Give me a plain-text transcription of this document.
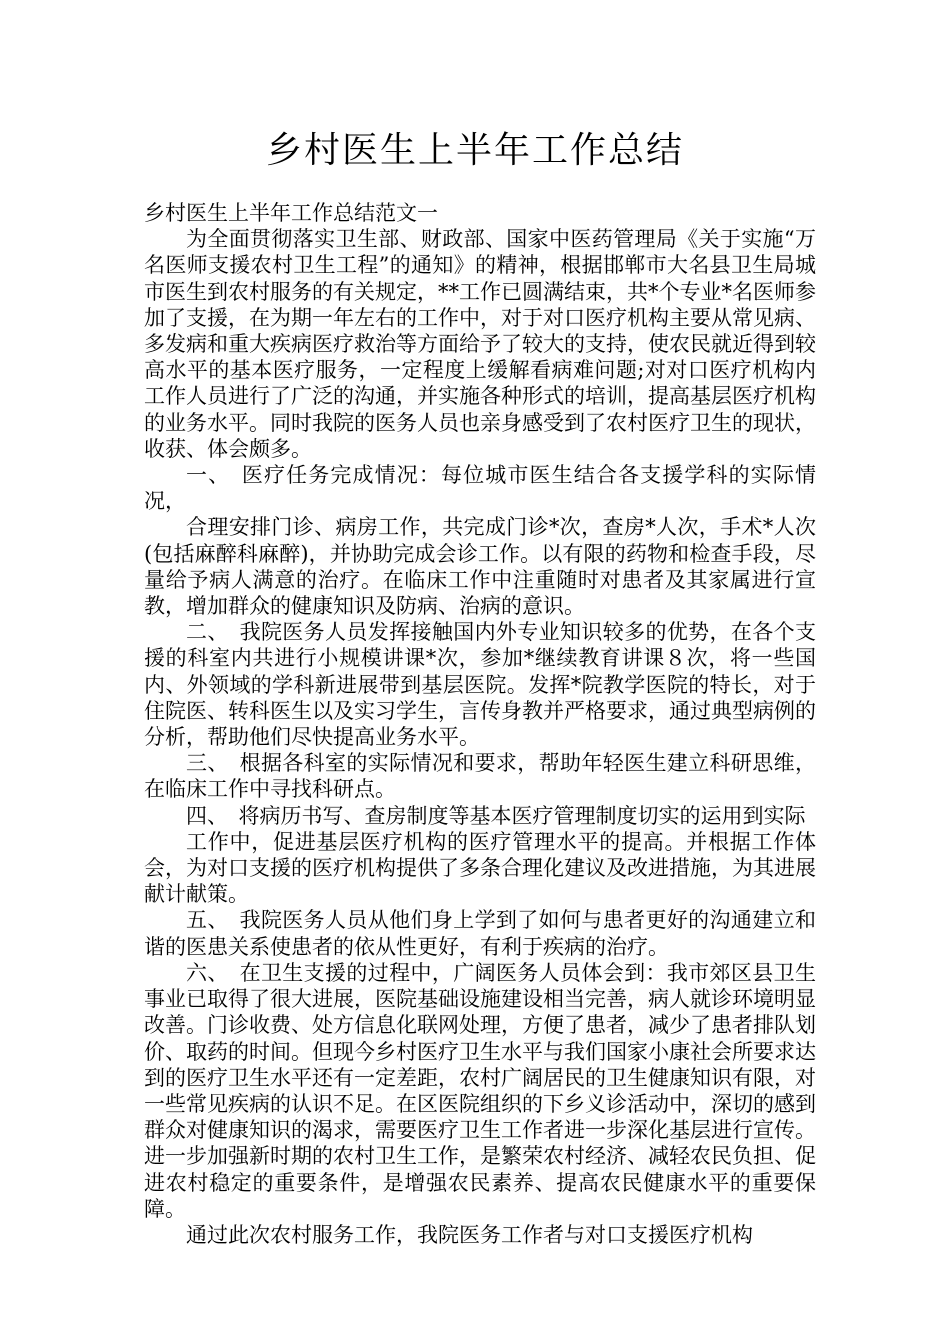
乡村医生上半年工作总结

乡村医生上半年工作总结范文一

为全面贯彻落实卫生部、财政部、国家中医药管理局《关于实施“万名医师支援农村卫生工程”的通知》的精神，根据邯郸市大名县卫生局城市医生到农村服务的有关规定，**工作已圆满结束，共*个专业*名医师参加了支援，在为期一年左右的工作中，对于对口医疗机构主要从常见病、多发病和重大疾病医疗救治等方面给予了较大的支持，使农民就近得到较高水平的基本医疗服务，一定程度上缓解看病难问题;对对口医疗机构内工作人员进行了广泛的沟通，并实施各种形式的培训，提高基层医疗机构的业务水平。同时我院的医务人员也亲身感受到了农村医疗卫生的现状，收获、体会颇多。

一、　医疗任务完成情况：每位城市医生结合各支援学科的实际情况，

合理安排门诊、病房工作，共完成门诊*次，查房*人次，手术*人次(包括麻醉科麻醉)，并协助完成会诊工作。以有限的药物和检查手段，尽量给予病人满意的治疗。在临床工作中注重随时对患者及其家属进行宣教，增加群众的健康知识及防病、治病的意识。

二、　我院医务人员发挥接触国内外专业知识较多的优势，在各个支援的科室内共进行小规模讲课*次，参加*继续教育讲课８次，将一些国内、外领域的学科新进展带到基层医院。发挥*院教学医院的特长，对于住院医、转科医生以及实习学生，言传身教并严格要求，通过典型病例的分析，帮助他们尽快提高业务水平。

三、　根据各科室的实际情况和要求，帮助年轻医生建立科研思维，在临床工作中寻找科研点。

四、　将病历书写、查房制度等基本医疗管理制度切实的运用到实际

工作中，促进基层医疗机构的医疗管理水平的提高。并根据工作体会，为对口支援的医疗机构提供了多条合理化建议及改进措施，为其进展献计献策。

五、　我院医务人员从他们身上学到了如何与患者更好的沟通建立和谐的医患关系使患者的依从性更好，有利于疾病的治疗。

六、　在卫生支援的过程中，广阔医务人员体会到：我市郊区县卫生事业已取得了很大进展，医院基础设施建设相当完善，病人就诊环境明显改善。门诊收费、处方信息化联网处理，方便了患者，减少了患者排队划价、取药的时间。但现今乡村医疗卫生水平与我们国家小康社会所要求达到的医疗卫生水平还有一定差距，农村广阔居民的卫生健康知识有限，对一些常见疾病的认识不足。在区医院组织的下乡义诊活动中，深切的感到群众对健康知识的渴求，需要医疗卫生工作者进一步深化基层进行宣传。进一步加强新时期的农村卫生工作，是繁荣农村经济、减轻农民负担、促进农村稳定的重要条件，是增强农民素养、提高农民健康水平的重要保障。

通过此次农村服务工作，我院医务工作者与对口支援医疗机构
